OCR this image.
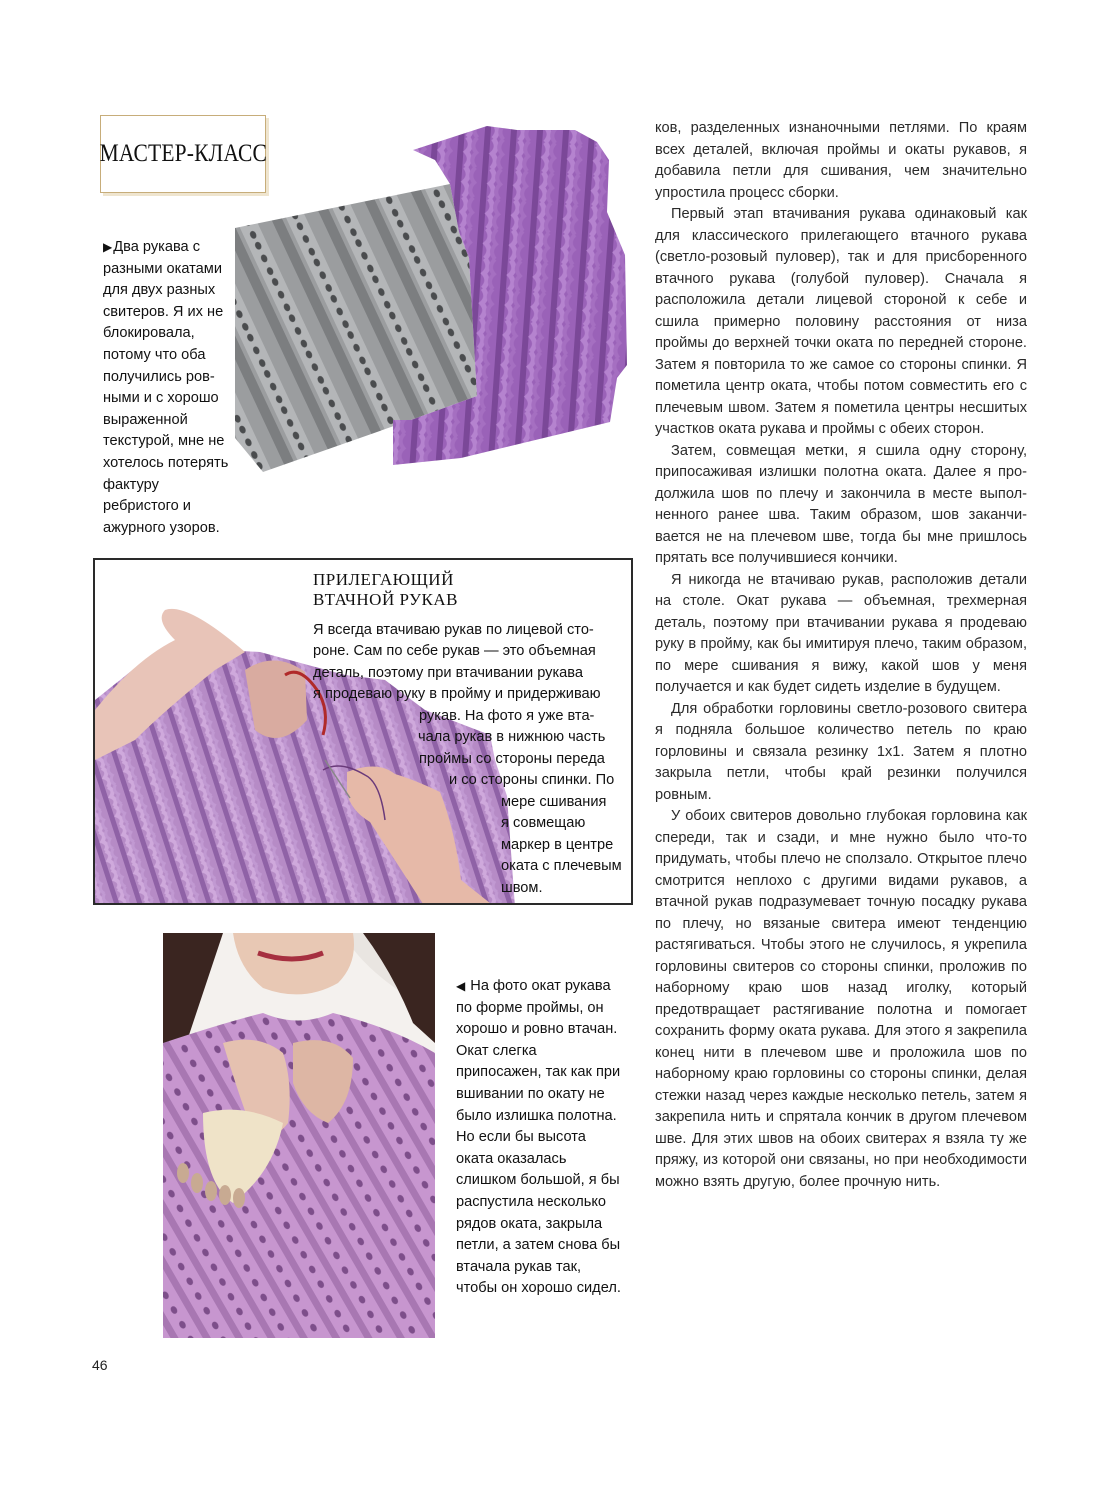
МАСТЕР-КЛАСС
▶Два рукава с разными окатами для двух разных свитеров. Я их не блокировала, потому что оба получились ровными и с хорошо выраженной текстурой, мне не хотелось потерять фактуру ребристого и ажурного узоров.
ПРИЛЕГАЮЩИЙ
ВТАЧНОЙ РУКАВ
Я всегда втачиваю рукав по лицевой сто-
роне. Сам по себе рукав — это объемная
деталь, поэтому при втачивании рукава
я продеваю руку в пройму и придерживаю
рукав. На фото я уже вта-
чала рукав в нижнюю часть
проймы со стороны переда
и со стороны спинки. По
мере сшивания
я совмещаю
маркер в центре
оката с плечевым
швом.
◀ На фото окат рукава по форме проймы, он хорошо и ровно втачан. Окат слегка припосажен, так как при вшивании по окату не было излишка полотна. Но если бы высота оката оказалась слишком большой, я бы распустила несколько рядов оката, закрыла петли, а затем снова бы втачала рукав так, чтобы он хорошо сидел.

ков, разделенных изнаночными петлями. По краям всех деталей, включая проймы и окаты рукавов, я добавила петли для сшивания, чем значительно упростила процесс сборки.

Первый этап втачивания рукава одинаковый как для классического прилегающего втачного рукава (светло-розовый пуловер), так и для присборенного втачного рукава (голубой пуловер). Сначала я расположила детали лицевой стороной к себе и сшила примерно половину расстояния от низа проймы до верхней точки оката по передней стороне. Затем я повторила то же самое со стороны спинки. Я пометила центр оката, чтобы потом совместить его с плечевым швом. Затем я пометила центры несшитых участков оката рукава и проймы с обеих сторон.

Затем, совмещая метки, я сшила одну сторону, припосаживая излишки полотна оката. Далее я продолжила шов по плечу и закончила в месте выполненного ранее шва. Таким образом, шов заканчивается не на плечевом шве, тогда бы мне пришлось прятать все получившиеся кончики.

Я никогда не втачиваю рукав, расположив детали на столе. Окат рукава — объемная, трехмерная деталь, поэтому при втачивании рукава я продеваю руку в пройму, как бы имитируя плечо, таким образом, по мере сшивания я вижу, какой шов у меня получается и как будет сидеть изделие в будущем.

Для обработки горловины светло-розового свитера я подняла большое количество петель по краю горловины и связала резинку 1х1. Затем я плотно закрыла петли, чтобы край резинки получился ровным.

У обоих свитеров довольно глубокая горловина как спереди, так и сзади, и мне нужно было что-то придумать, чтобы плечо не сползало. Открытое плечо смотрится неплохо с другими видами рукавов, а втачной рукав подразумевает точную посадку рукава по плечу, но вязаные свитера имеют тенденцию растягиваться. Чтобы этого не случилось, я укрепила горловины свитеров со стороны спинки, проложив по наборному краю шов назад иголку, который предотвращает растягивание полотна и помогает сохранить форму оката рукава. Для этого я закрепила конец нити в плечевом шве и проложила шов по наборному краю горловины со стороны спинки, делая стежки назад через каждые несколько петель, затем я закрепила нить и спрятала кончик в другом плечевом шве. Для этих швов на обоих свитерах я взяла ту же пряжу, из которой они связаны, но при необходимости можно взять другую, более прочную нить.

46
